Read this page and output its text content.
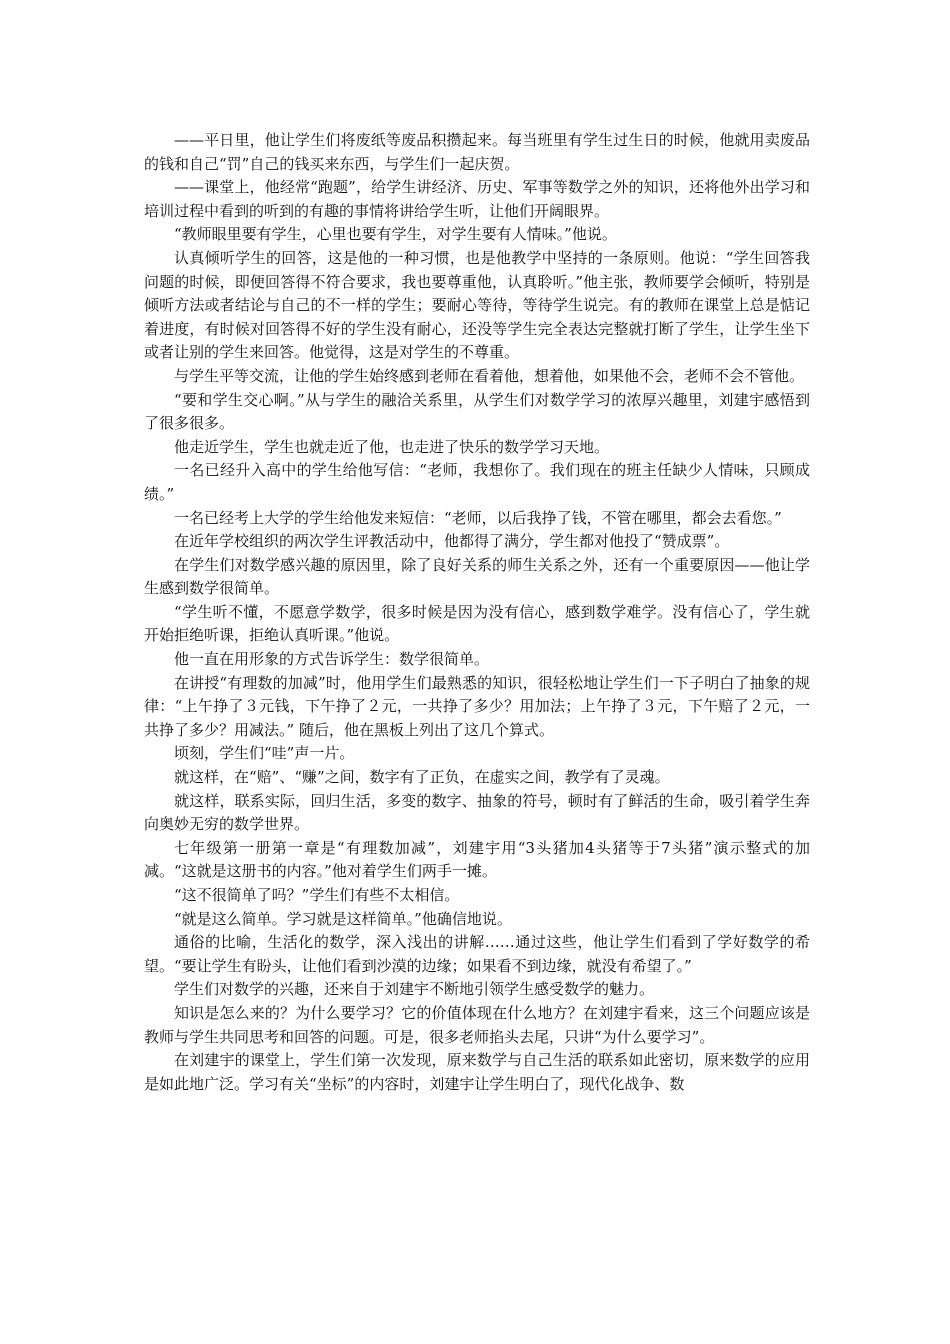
——平日里，他让学生们将废纸等废品积攒起来。每当班里有学生过生日的时候，他就用卖废品的钱和自己“罚”自己的钱买来东西，与学生们一起庆贺。

——课堂上，他经常“跑题”，给学生讲经济、历史、军事等数学之外的知识，还将他外出学习和培训过程中看到的听到的有趣的事情将讲给学生听，让他们开阔眼界。

“教师眼里要有学生，心里也要有学生，对学生要有人情味。”他说。

认真倾听学生的回答，这是他的一种习惯，也是他教学中坚持的一条原则。他说：“学生回答我问题的时候，即便回答得不符合要求，我也要尊重他，认真聆听。”他主张，教师要学会倾听，特别是倾听方法或者结论与自己的不一样的学生；要耐心等待，等待学生说完。有的教师在课堂上总是惦记着进度，有时候对回答得不好的学生没有耐心，还没等学生完全表达完整就打断了学生，让学生坐下或者让别的学生来回答。他觉得，这是对学生的不尊重。

与学生平等交流，让他的学生始终感到老师在看着他，想着他，如果他不会，老师不会不管他。

“要和学生交心啊。”从与学生的融洽关系里，从学生们对数学学习的浓厚兴趣里，刘建宇感悟到了很多很多。

他走近学生，学生也就走近了他，也走进了快乐的数学学习天地。

一名已经升入高中的学生给他写信：“老师，我想你了。我们现在的班主任缺少人情味，只顾成绩。”

一名已经考上大学的学生给他发来短信：“老师，以后我挣了钱，不管在哪里，都会去看您。”

在近年学校组织的两次学生评教活动中，他都得了满分，学生都对他投了“赞成票”。

在学生们对数学感兴趣的原因里，除了良好关系的师生关系之外，还有一个重要原因——他让学生感到数学很简单。

“学生听不懂，不愿意学数学，很多时候是因为没有信心，感到数学难学。没有信心了，学生就开始拒绝听课，拒绝认真听课。”他说。

他一直在用形象的方式告诉学生：数学很简单。

在讲授“有理数的加减”时，他用学生们最熟悉的知识，很轻松地让学生们一下子明白了抽象的规律：“上午挣了３元钱，下午挣了２元，一共挣了多少？用加法；上午挣了３元，下午赔了２元，一共挣了多少？用减法。” 随后，他在黑板上列出了这几个算式。

顷刻，学生们“哇”声一片。

就这样，在“赔”、“赚”之间，数字有了正负，在虚实之间，教学有了灵魂。

就这样，联系实际，回归生活，多变的数字、抽象的符号，顿时有了鲜活的生命，吸引着学生奔向奥妙无穷的数学世界。

七年级第一册第一章是“有理数加减”，刘建宇用“3头猪加4头猪等于7头猪”演示整式的加减。“这就是这册书的内容。”他对着学生们两手一摊。

“这不很简单了吗？”学生们有些不太相信。

“就是这么简单。学习就是这样简单。”他确信地说。

通俗的比喻，生活化的数学，深入浅出的讲解……通过这些，他让学生们看到了学好数学的希望。“要让学生有盼头，让他们看到沙漠的边缘；如果看不到边缘，就没有希望了。”

学生们对数学的兴趣，还来自于刘建宇不断地引领学生感受数学的魅力。

知识是怎么来的？为什么要学习？它的价值体现在什么地方？在刘建宇看来，这三个问题应该是教师与学生共同思考和回答的问题。可是，很多老师掐头去尾，只讲“为什么要学习”。

在刘建宇的课堂上，学生们第一次发现，原来数学与自己生活的联系如此密切，原来数学的应用是如此地广泛。学习有关“坐标”的内容时，刘建宇让学生明白了，现代化战争、数
